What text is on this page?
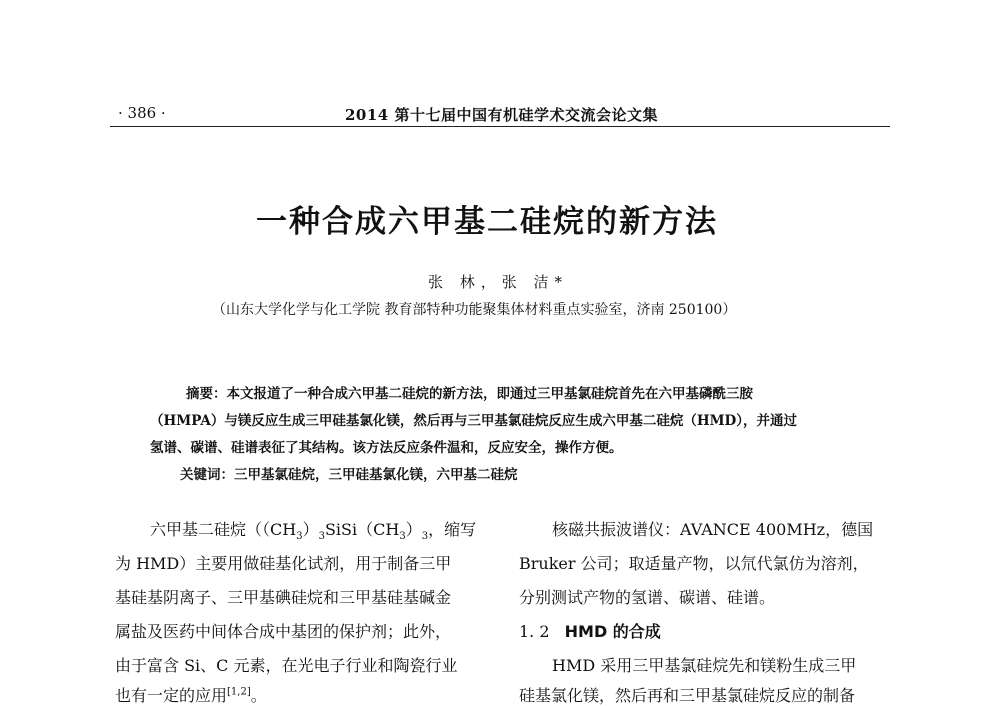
· 386 ·	2014 第十七届中国有机硅学术交流会论文集
一种合成六甲基二硅烷的新方法
张 林，张 洁*
（山东大学化学与化工学院 教育部特种功能聚集体材料重点实验室，济南 250100）
摘要：本文报道了一种合成六甲基二硅烷的新方法，即通过三甲基氯硅烷首先在六甲基磷酰三胺
（HMPA）与镁反应生成三甲硅基氯化镁，然后再与三甲基氯硅烷反应生成六甲基二硅烷（HMD），并通过
氢谱、碳谱、硅谱表征了其结构。该方法反应条件温和，反应安全，操作方便。
关键词：三甲基氯硅烷，三甲硅基氯化镁，六甲基二硅烷
六甲基二硅烷（$(CH_3)_3SiSi(CH_3)_3$，缩写
为 HMD）主要用做硅基化试剂，用于制备三甲
基硅基阴离子、三甲基碘硅烷和三甲基硅基碱金
属盐及医药中间体合成中基团的保护剂；此外，
由于富含 Si、C 元素，在光电子行业和陶瓷行业
也有一定的应用[1,2]。
核磁共振波谱仪：AVANCE 400MHz，德国
Bruker 公司；取适量产物，以氘代氯仿为溶剂，
分别测试产物的氢谱、碳谱、硅谱。
1. 2 HMD 的合成
HMD 采用三甲基氯硅烷先和镁粉生成三甲
硅基氯化镁，然后再和三甲基氯硅烷反应的制备
